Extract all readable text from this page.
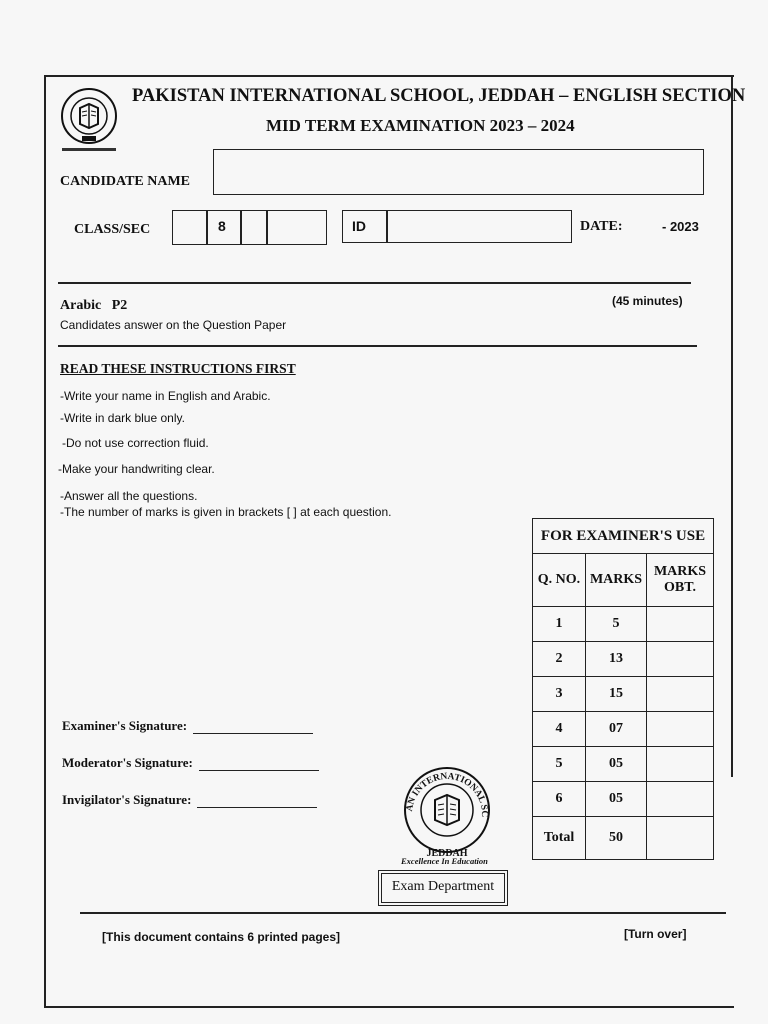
PAKISTAN INTERNATIONAL SCHOOL, JEDDAH – ENGLISH SECTION
MID TERM EXAMINATION 2023 – 2024
CANDIDATE NAME
CLASS/SEC	8	ID	DATE:	- 2023
Arabic P2	(45 minutes)
Candidates answer on the Question Paper
READ THESE INSTRUCTIONS FIRST
-Write your name in English and Arabic.
-Write in dark blue only.
-Do not use correction fluid.
-Make your handwriting clear.
-Answer all the questions.
-The number of marks is given in brackets [ ] at each question.
FOR EXAMINER'S USE		
Q. NO.	MARKS	MARKS OBT.
1	5	
2	13	
3	15	
4	07	
5	05	
6	05	
Total	50	
Examiner's Signature:
Moderator's Signature:
Invigilator's Signature:
AN INTERNATIONAL SC
JEDDAH
Excellence In Education
Exam Department
[This document contains 6 printed pages]	[Turn over]
